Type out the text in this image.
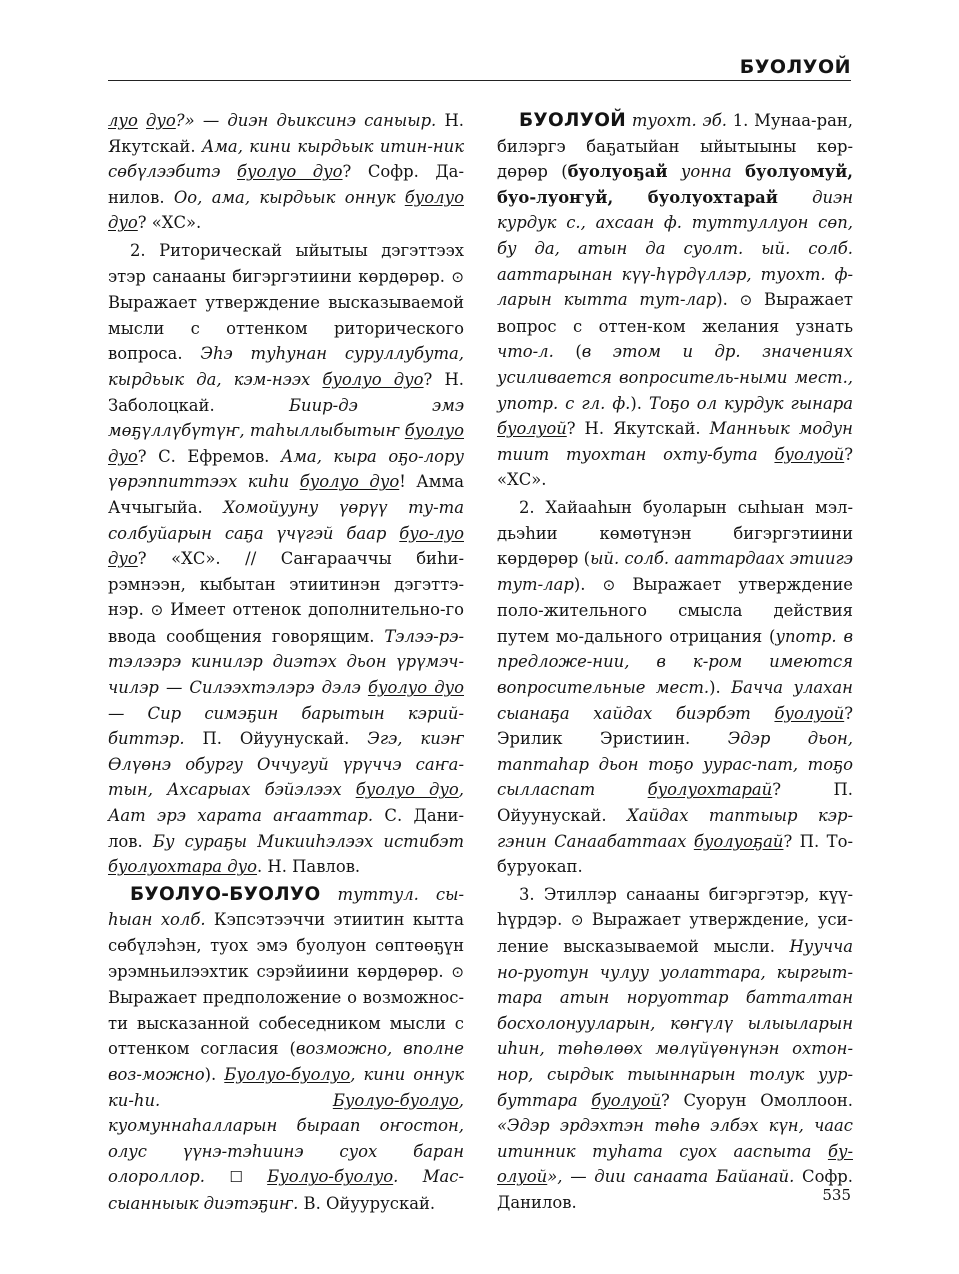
БУОЛУОЙ

луо дуо?» — диэн дьиксинэ саныыр. Н. Якутскай. Ама, кини кырдьык итин-ник сөбүлээбитэ буолуо дуо? Софр. Да-нилов. Оо, ама, кырдьык оннук буолуо дуо? «ХС».

2. Риторическай ыйытыы дэгэттээх этэр санааны бигэргэтиини көрдөрөр. ⊙ Выражает утверждение высказываемой мысли с оттенком риторического вопроса. Эһэ туһунан суруллубута, кырдьык да, кэм-нээх буолуо дуо? Н. Заболоцкай. Биир-дэ эмэ мөҕүллүбүтүҥ, таһыллыбытыҥ буолуо дуо? С. Ефремов. Ама, кыра оҕо-лору үөрэппиттээх киһи буолуо дуо! Амма Аччыгыйа. Хомойууну үөрүү ту-та солбуйарын саҕа үчүгэй баар буо-луо дуо? «ХС». // Саҥарааччы биһи-рэмнээн, кыбытан этиитинэн дэгэттэ-нэр. ⊙ Имеет оттенок дополнительно-го ввода сообщения говорящим. Тэлээ-рэ-тэлээрэ кинилэр диэтэх дьон үрүмэч-чилэр — Силээхтэлэрэ дэлэ буолуо дуо — Сир симэҕин барытын кэрий-биттэр. П. Ойуунускай. Эгэ, киэҥ Өлүөнэ обургу Оччугуй үрүччэ саҥа-тын, Ахсарыах бэйэлээх буолуо дуо, Аат эрэ харата аҥааттар. С. Дани-лов. Бу сураҕы Микииһэлээх истибэт буолуохтара дуо. Н. Павлов.

БУОЛУО-БУОЛУО туттул. сы-һыан холб. Кэпсэтээччи этиитин кытта сөбүлэһэн, туох эмэ буолуон сөптөөҕүн эрэмньилээхтик сэрэйиини көрдөрөр. ⊙ Выражает предположение о возможнос-ти высказанной собеседником мысли с оттенком согласия (возможно, вполне воз-можно). Буолуо-буолуо, кини оннук ки-һи. Буолуо-буолуо, куомуннаһалларын быраап оҥостон, олус үүнэ-тэһиинэ суох баран олороллор. ☐ Буолуо-буолуо. Мас-сыанныык диэтэҕиҥ. В. Ойуурускай.

БУОЛУОЙ туохт. эб. 1. Мунаа-ран, билэргэ баҕатыйан ыйытыыны көр-дөрөр (буолуоҕай уонна буолуомуй, буо-луоҥуй, буолуохтарай диэн курдук с., ахсаан ф. туттуллуон сөп, бу да, атын да суолт. ый. солб. ааттарынан күү-һүрдүллэр, туохт. ф-ларын кытта тут-лар). ⊙ Выражает вопрос с оттен-ком желания узнать что-л. (в этом и др. значениях усиливается вопроситель-ными мест., употр. с гл. ф.). Тоҕо ол курдук гынара буолуой? Н. Якутскай. Манньык модун тиит туохтан охту-бута буолуой? «ХС».

2. Хайааһын буоларын сыһыан мэл-дьэһии көмөтүнэн бигэргэтиини көрдөрөр (ый. солб. ааттардаах этиигэ тут-лар). ⊙ Выражает утверждение поло-жительного смысла действия путем мо-дального отрицания (употр. в предложе-нии, в к-ром имеются вопросительные мест.). Баччa улахан сыанаҕа хайдах биэрбэт буолуой? Эрилик Эристиин. Эдэр дьон, таптаһар дьон тоҕо уурас-пат, тоҕо сылласпат буолуохтарай? П. Ойуунускай. Хайдах таптыыр кэр-гэнин Санаабаттаах буолуоҕай? П. То-буруокап.

3. Этиллэр санааны бигэргэтэр, күү-һүрдэр. ⊙ Выражает утверждение, уси-ление высказываемой мысли. Нуучча но-руотун чулуу уолаттара, кыргыт-тара атын норуоттар батталтан босхолонууларын, көҥүлү ылыыларын иһин, төһөлөөх мөлүйүөнүнэн охтон-нор, сырдык тыыннарын толук уур-буттара буолуой? Суорун Омоллоон. «Эдэр эрдэхтэн төһө элбэх күн, чаас итинник туһата суох ааспыта бу-олуой», — дии санаата Байанай. Софр. Данилов.	535
